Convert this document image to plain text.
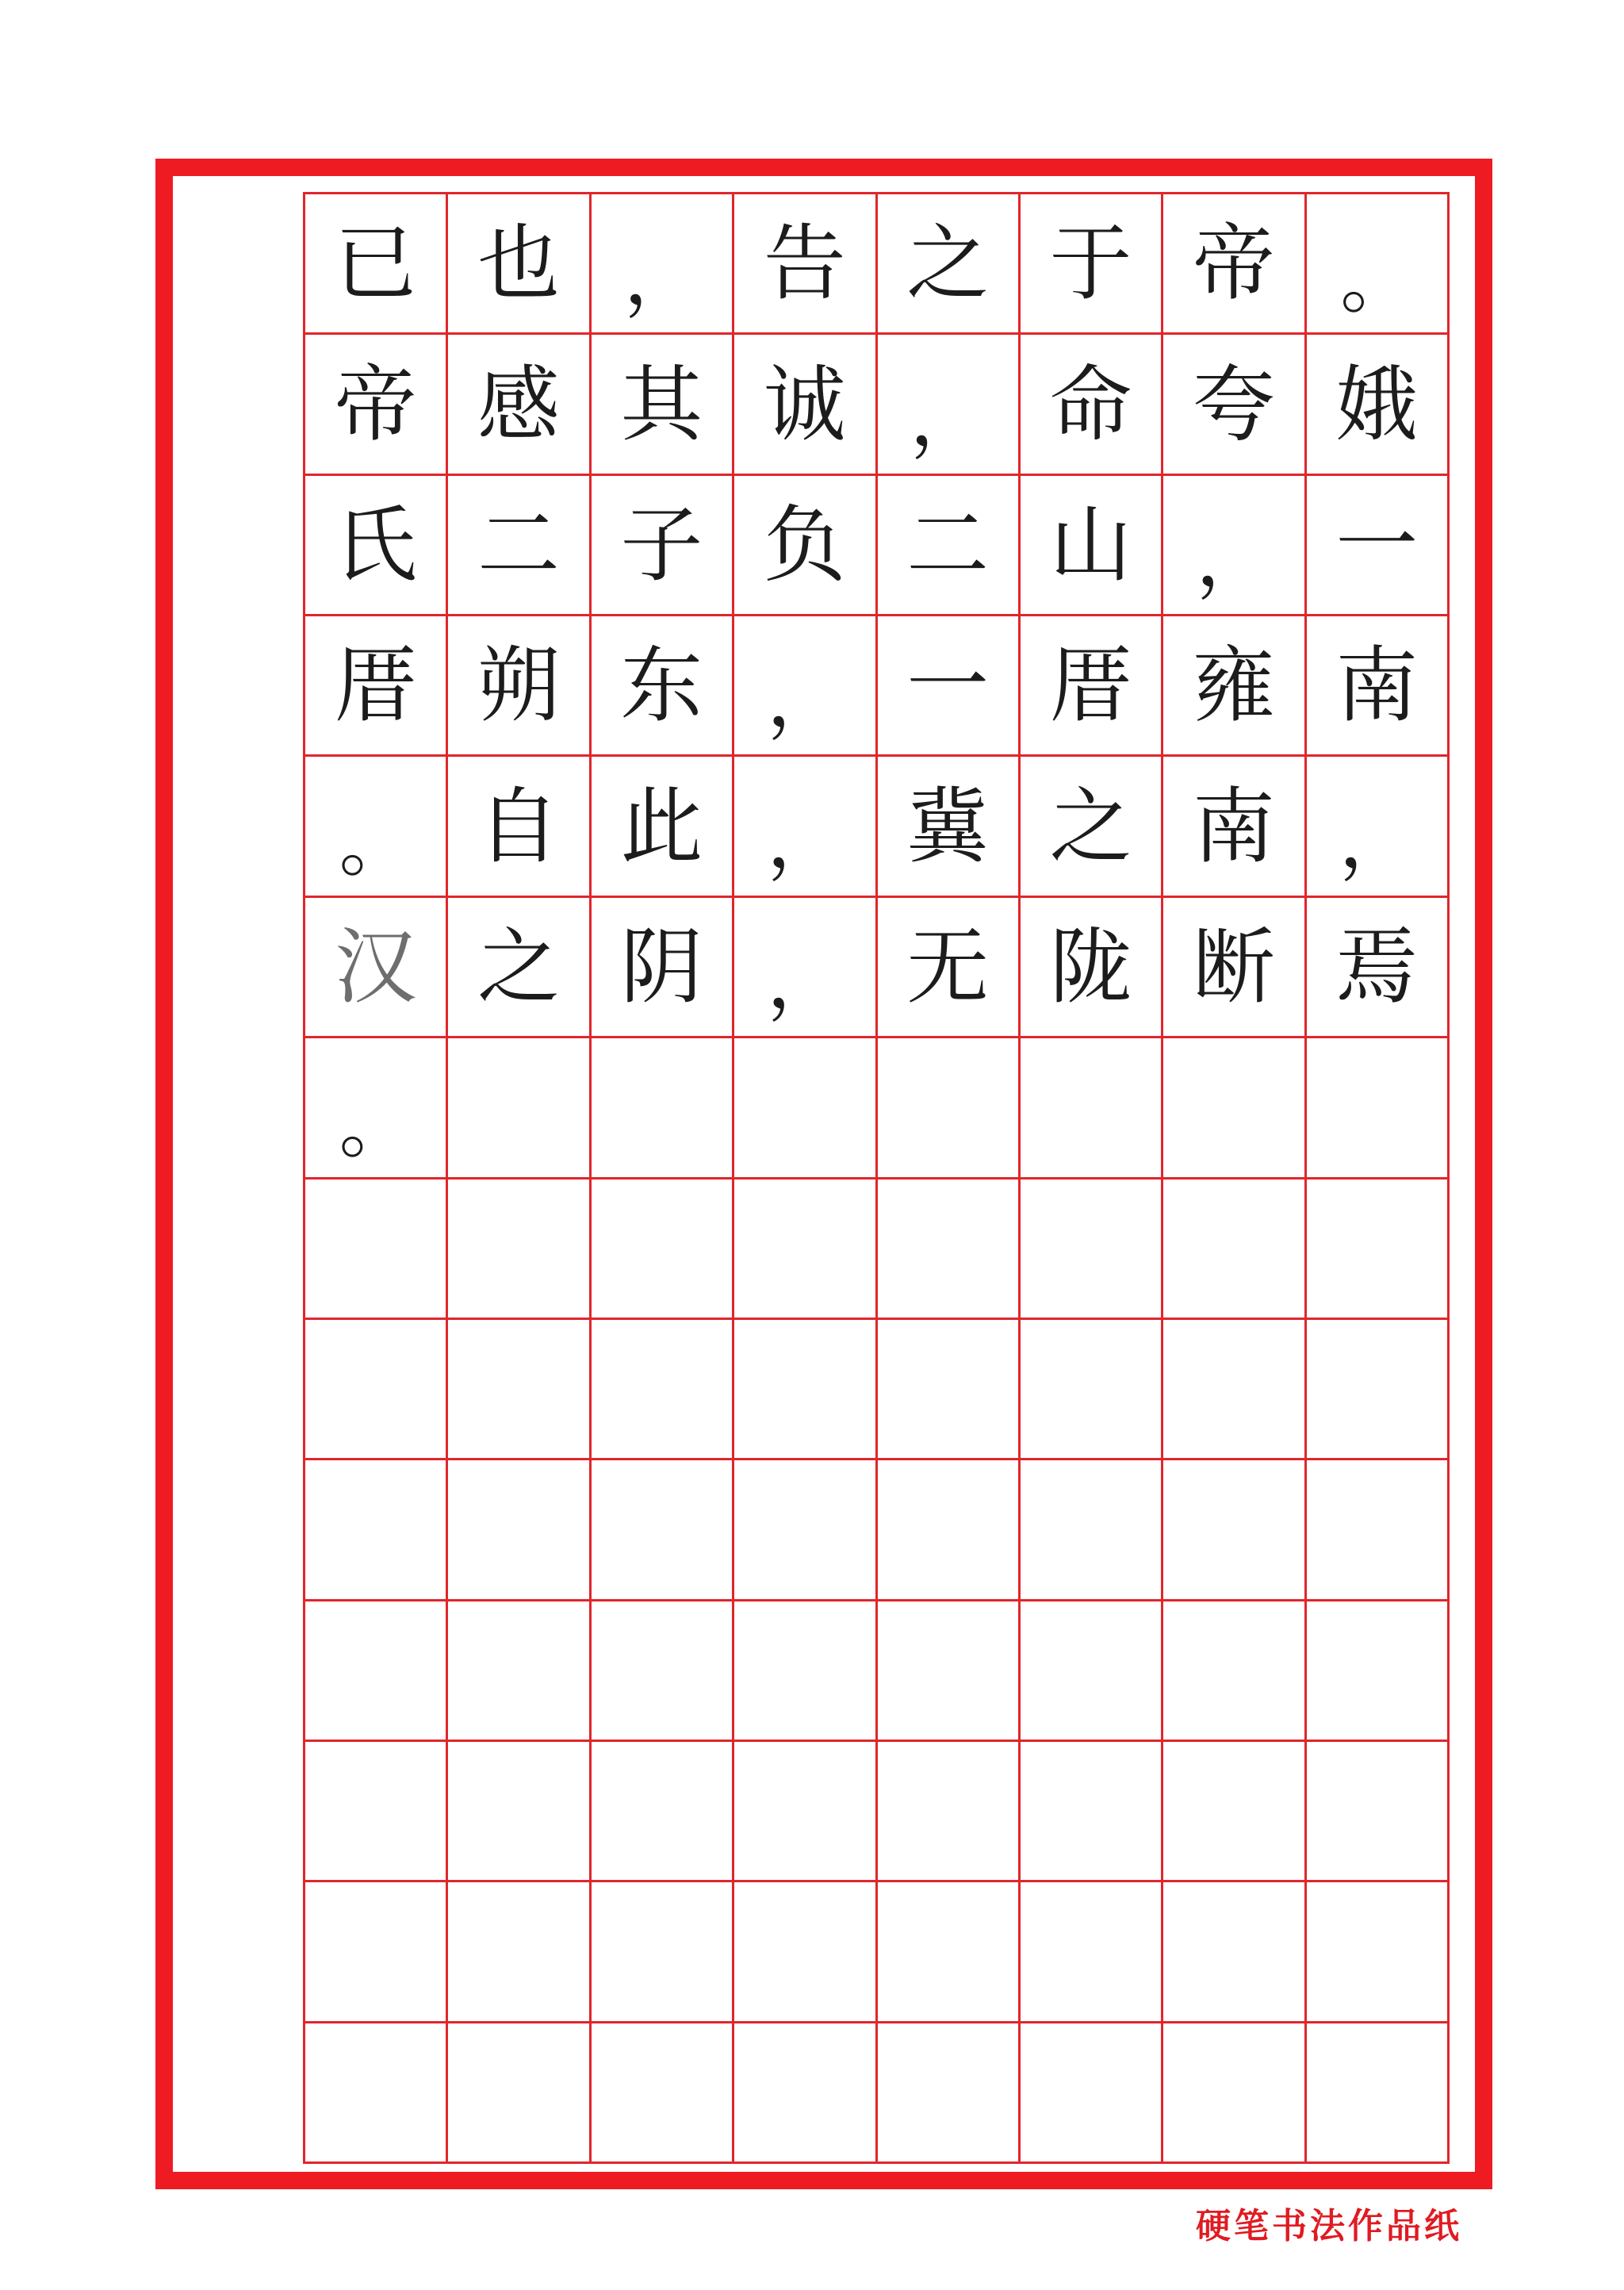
已 也 ， 告 之 于 帝 。
帝 感 其 诚 ， 命 夸 娥
氏 二 子 负 二 山 ， 一
厝 朔 东 ， 一 厝 雍 南
。 自 此 ， 冀 之 南 ，
汉 之 阴 ， 无 陇 断 焉
。
硬笔书法作品纸
